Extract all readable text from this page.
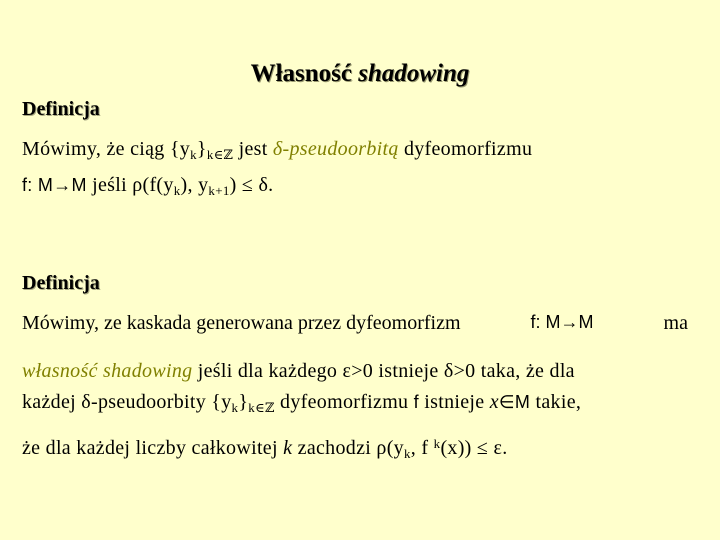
Własność shadowing
Definicja
Mówimy, że ciąg $\{y_k\}_{k\in ℤ}$ jest δ-pseudoorbitą dyfeomorfizmu
f: M→M jeśli $\rho(f(y_k)$, $y_{k+1}) \le \delta$.
Definicja
Mówimy, ze kaskada generowana przez dyfeomorfizm	f: M→M	ma
własność shadowing jeśli dla każdego ε>0 istnieje δ>0 taka, że dla
każdej δ-pseudoorbity $\{y_k\}_{k\in ℤ}$ dyfeomorfizmu f istnieje x∈M takie,
że dla każdej liczby całkowitej k zachodzi $\rho(y_k$, f $^k$(x)) ≤ ε.
